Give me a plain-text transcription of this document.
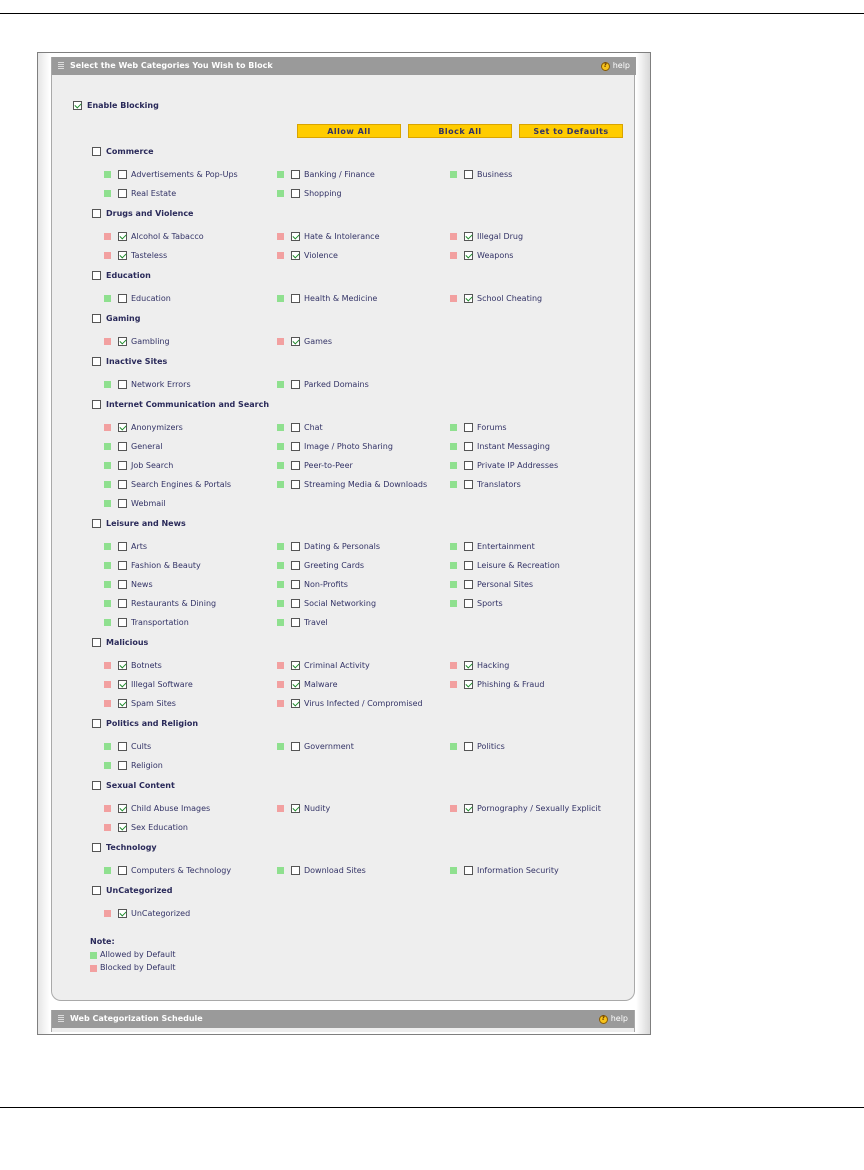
Select the Web Categories You Wish to Block	? help
Enable Blocking
Allow All	Block All	Set to Defaults
Commerce
Advertisements & Pop-Ups	Banking / Finance	Business
Real Estate	Shopping
Drugs and Violence
Alcohol & Tabacco	Hate & Intolerance	Illegal Drug
Tasteless	Violence	Weapons
Education
Education	Health & Medicine	School Cheating
Gaming
Gambling	Games
Inactive Sites
Network Errors	Parked Domains
Internet Communication and Search
Anonymizers	Chat	Forums
General	Image / Photo Sharing	Instant Messaging
Job Search	Peer-to-Peer	Private IP Addresses
Search Engines & Portals	Streaming Media & Downloads	Translators
Webmail
Leisure and News
Arts	Dating & Personals	Entertainment
Fashion & Beauty	Greeting Cards	Leisure & Recreation
News	Non-Profits	Personal Sites
Restaurants & Dining	Social Networking	Sports
Transportation	Travel
Malicious
Botnets	Criminal Activity	Hacking
Illegal Software	Malware	Phishing & Fraud
Spam Sites	Virus Infected / Compromised
Politics and Religion
Cults	Government	Politics
Religion
Sexual Content
Child Abuse Images	Nudity	Pornography / Sexually Explicit
Sex Education
Technology
Computers & Technology	Download Sites	Information Security
UnCategorized
UnCategorized
Note:
Allowed by Default
Blocked by Default
Web Categorization Schedule	? help
